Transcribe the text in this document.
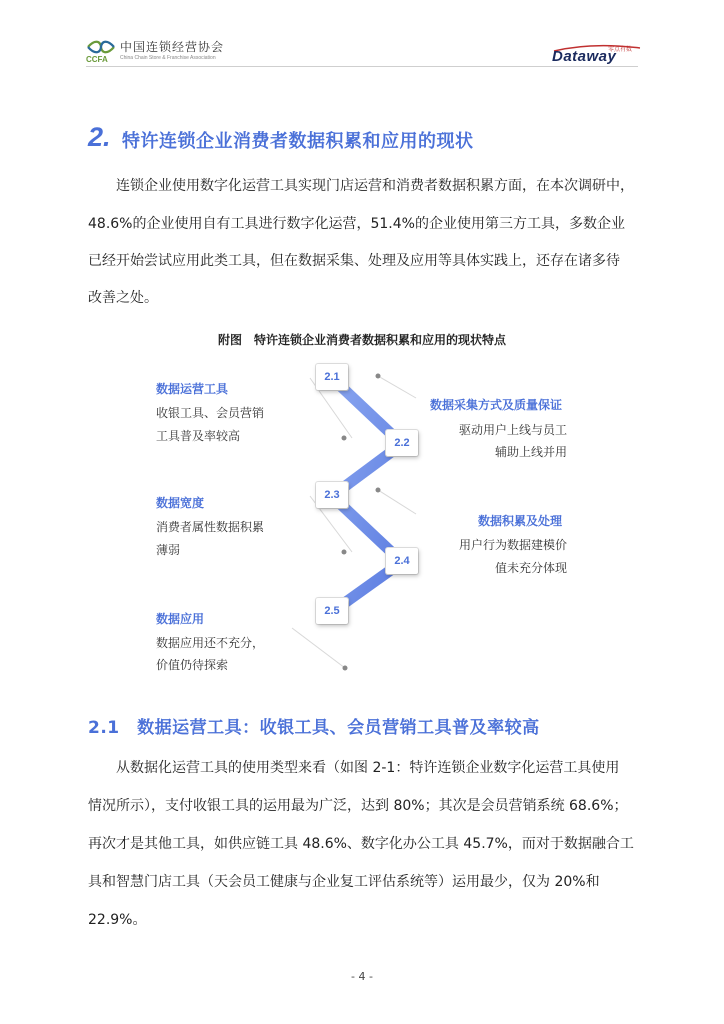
中国连锁经营协会
CCFA China Chain Store & Franchise Association	Dataway
零点有数
2. 特许连锁企业消费者数据积累和应用的现状
连锁企业使用数字化运营工具实现门店运营和消费者数据积累方面，在本次调研中，
48.6%的企业使用自有工具进行数字化运营，51.4%的企业使用第三方工具，多数企业
已经开始尝试应用此类工具，但在数据采集、处理及应用等具体实践上，还存在诸多待
改善之处。
附图　特许连锁企业消费者数据积累和应用的现状特点
2.1
2.2
2.3
2.4
2.5
数据运营工具
收银工具、会员营销
工具普及率较高
数据宽度
消费者属性数据积累
薄弱
数据应用
数据应用还不充分，
价值仍待探索
数据采集方式及质量保证
驱动用户上线与员工
辅助上线并用
数据积累及处理
用户行为数据建模价
值未充分体现
2.1　数据运营工具：收银工具、会员营销工具普及率较高
从数据化运营工具的使用类型来看（如图 2-1：特许连锁企业数字化运营工具使用
情况所示），支付收银工具的运用最为广泛，达到 80%；其次是会员营销系统 68.6%；
再次才是其他工具，如供应链工具 48.6%、数字化办公工具 45.7%，而对于数据融合工
具和智慧门店工具（天会员工健康与企业复工评估系统等）运用最少，仅为 20%和
22.9%。
- 4 -
